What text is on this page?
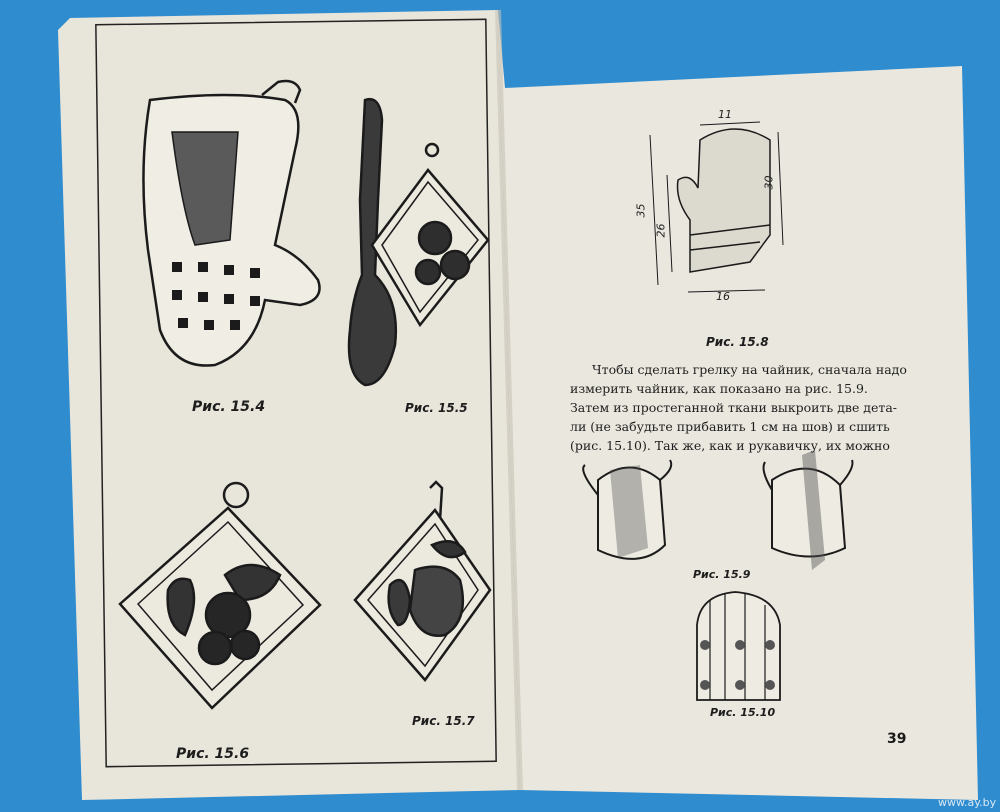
Рис. 15.4	Рис. 15.5
Рис. 15.6
Рис. 15.7
11
30
35
26
16
Рис. 15.8
Чтобы сделать грелку на чайник, сначала надо
измерить чайник, как показано на рис. 15.9.
Затем из простеганной ткани выкроить две дета-
ли (не забудьте прибавить 1 см на шов) и сшить
(рис. 15.10). Так же, как и рукавичку, их можно
Рис. 15.9
Рис. 15.10
39
www.ay.by
